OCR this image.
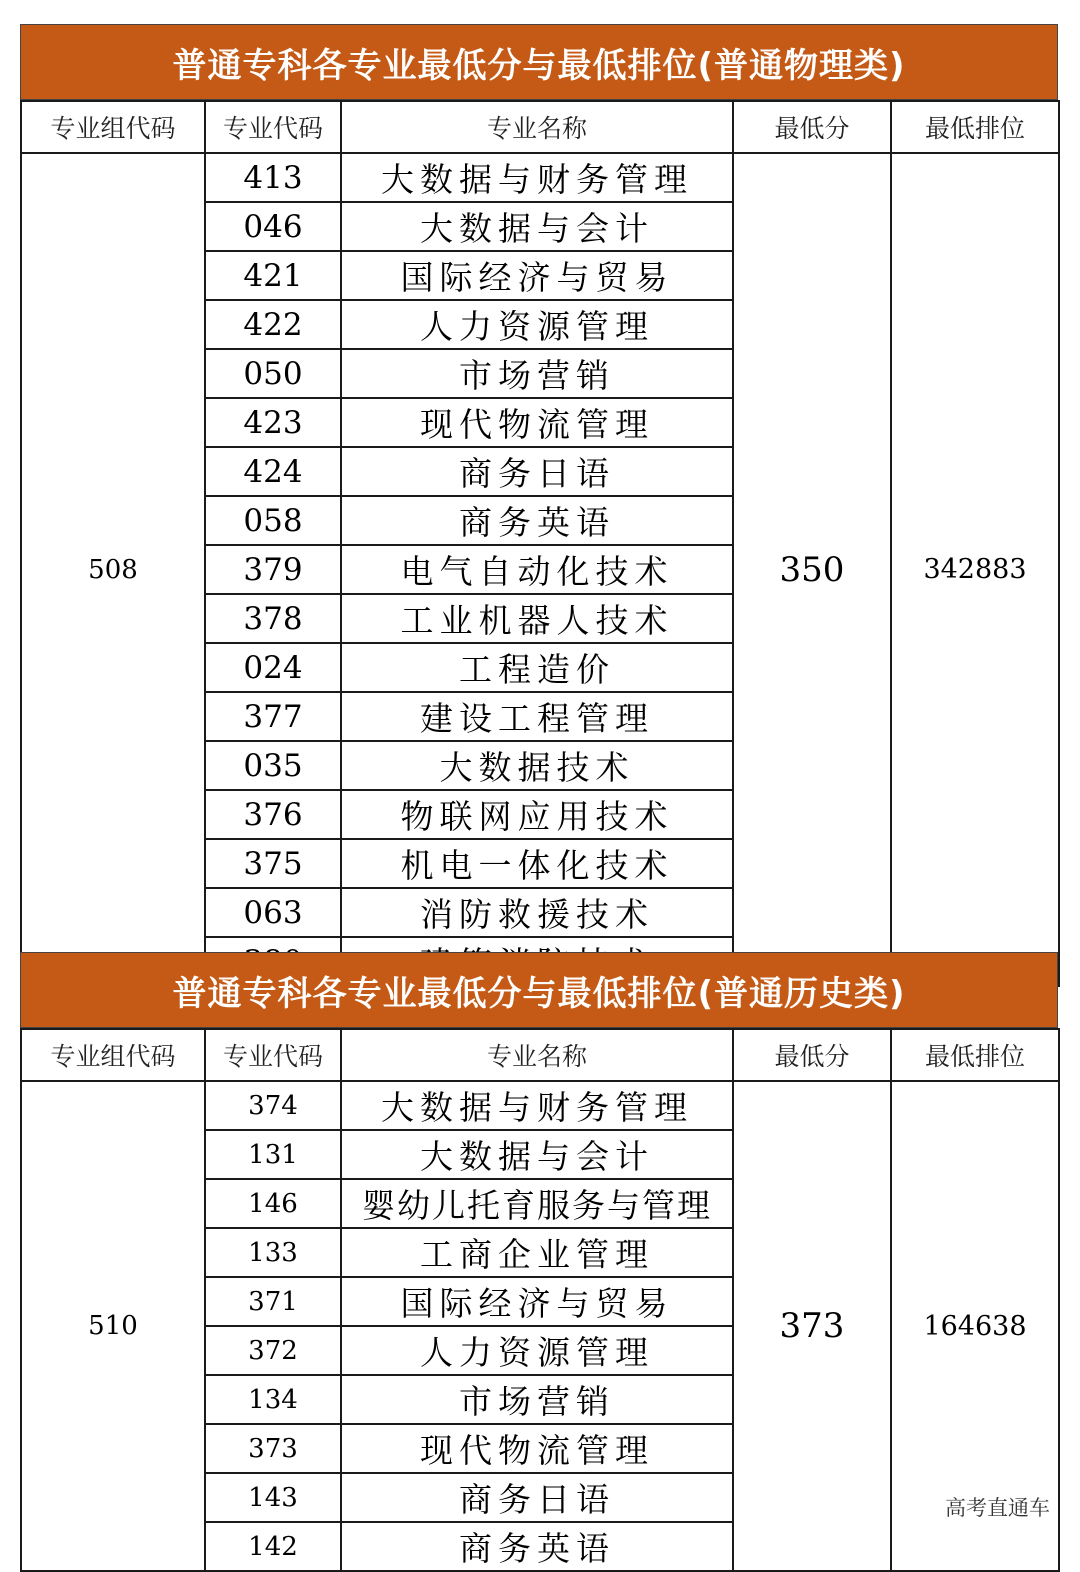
普通专科各专业最低分与最低排位(普通物理类)
专业组代码	专业代码	专业名称	最低分	最低排位
508	413	大数据与财务管理	350	342883
	046	大数据与会计		
	421	国际经济与贸易		
	422	人力资源管理		
	050	市场营销		
	423	现代物流管理		
	424	商务日语		
	058	商务英语		
	379	电气自动化技术		
	378	工业机器人技术		
	024	工程造价		
	377	建设工程管理		
	035	大数据技术		
	376	物联网应用技术		
	375	机电一体化技术		
	063	消防救援技术		

普通专科各专业最低分与最低排位(普通历史类)
专业组代码	专业代码	专业名称	最低分	最低排位
510	374	大数据与财务管理	373	164638
	131	大数据与会计		
	146	婴幼儿托育服务与管理		
	133	工商企业管理		
	371	国际经济与贸易		
	372	人力资源管理		
	134	市场营销		
	373	现代物流管理		
	143	商务日语		
	142	商务英语		
高考直通车
